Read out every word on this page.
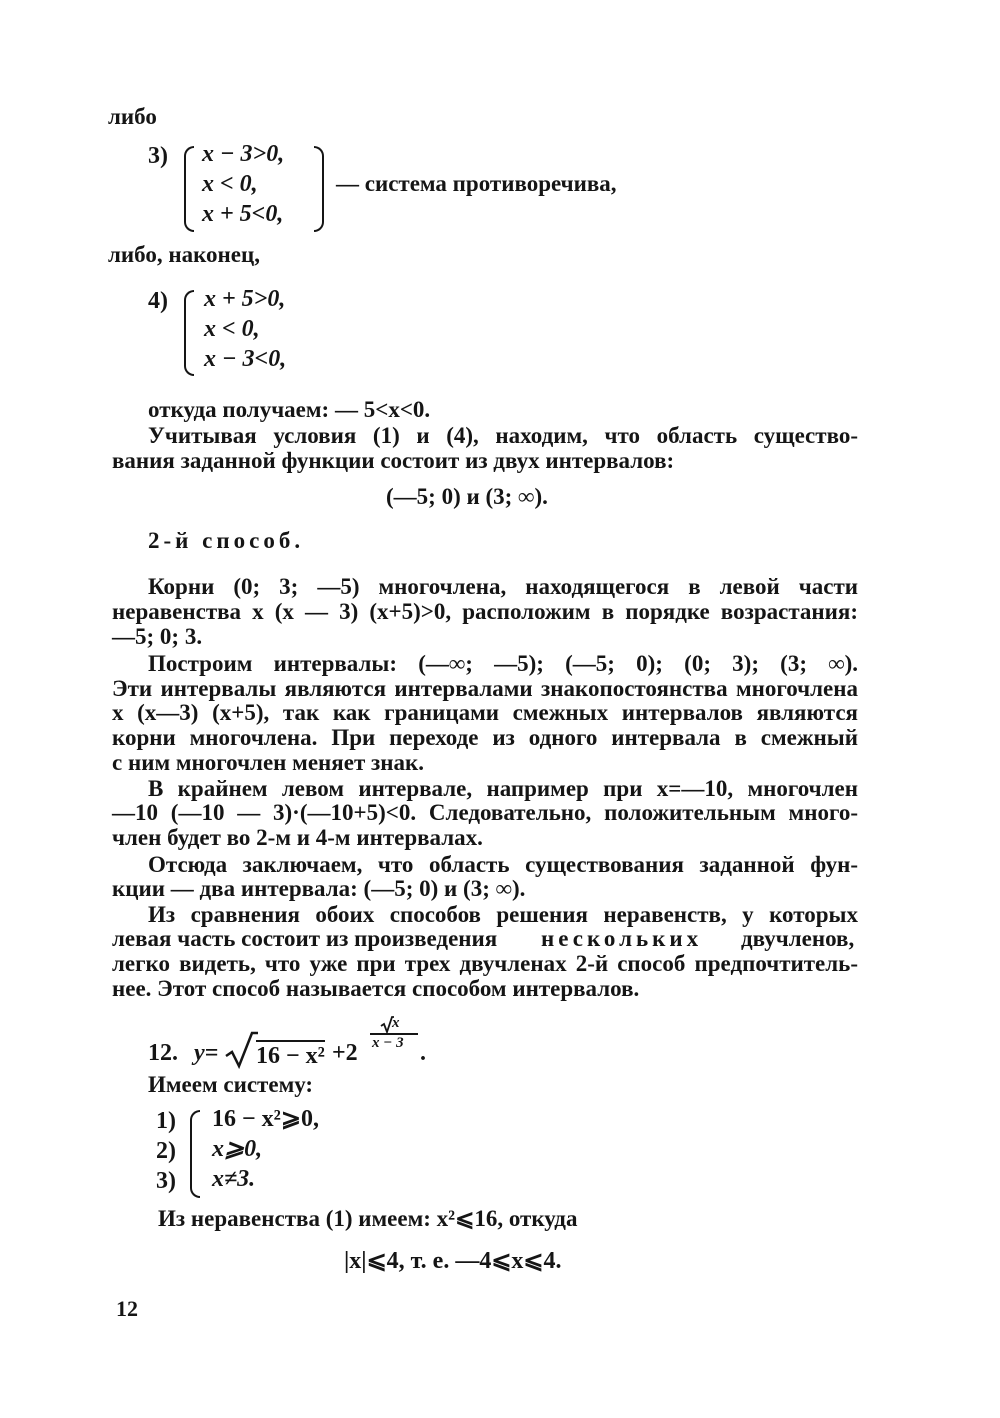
либо
3) x − 3>0,
x < 0,
x + 5<0,
— система противоречива,
либо, наконец,
4) x + 5>0,
x < 0,
x − 3<0,
откуда получаем: — 5<x<0.
Учитывая условия (1) и (4), находим, что область существо-
вания заданной функции состоит из двух интервалов:
(—5; 0) и (3; ∞).
2-й способ.
Корни (0; 3; —5) многочлена, находящегося в левой части
неравенства x (x — 3) (x+5)>0, расположим в порядке возрастания:
—5; 0; 3.
Построим интервалы: (—∞; —5); (—5; 0); (0; 3); (3; ∞).
Эти интервалы являются интервалами знакопостоянства многочлена
x (x—3) (x+5), так как границами смежных интервалов являются
корни многочлена. При переходе из одного интервала в смежный
с ним многочлен меняет знак.
В крайнем левом интервале, например при x=—10, многочлен
—10 (—10 — 3)·(—10+5)<0. Следовательно, положительным много-
член будет во 2-м и 4-м интервалах.
Отсюда заключаем, что область существования заданной фун-
кции — два интервала: (—5; 0) и (3; ∞).
Из сравнения обоих способов решения неравенств, у которых
левая часть состоит из произведения нескольких двучленов,
легко видеть, что уже при трех двучленах 2-й способ предпочтитель-
нее. Этот способ называется способом интервалов.
12. y= 16 − x² +2
x
x − 3 .
Имеем систему:
1)
2)
3)
16 − x²⩾0,
x⩾0,
x≠3.
Из неравенства (1) имеем: x²⩽16, откуда
|x|⩽4, т. е. —4⩽x⩽4.
12
